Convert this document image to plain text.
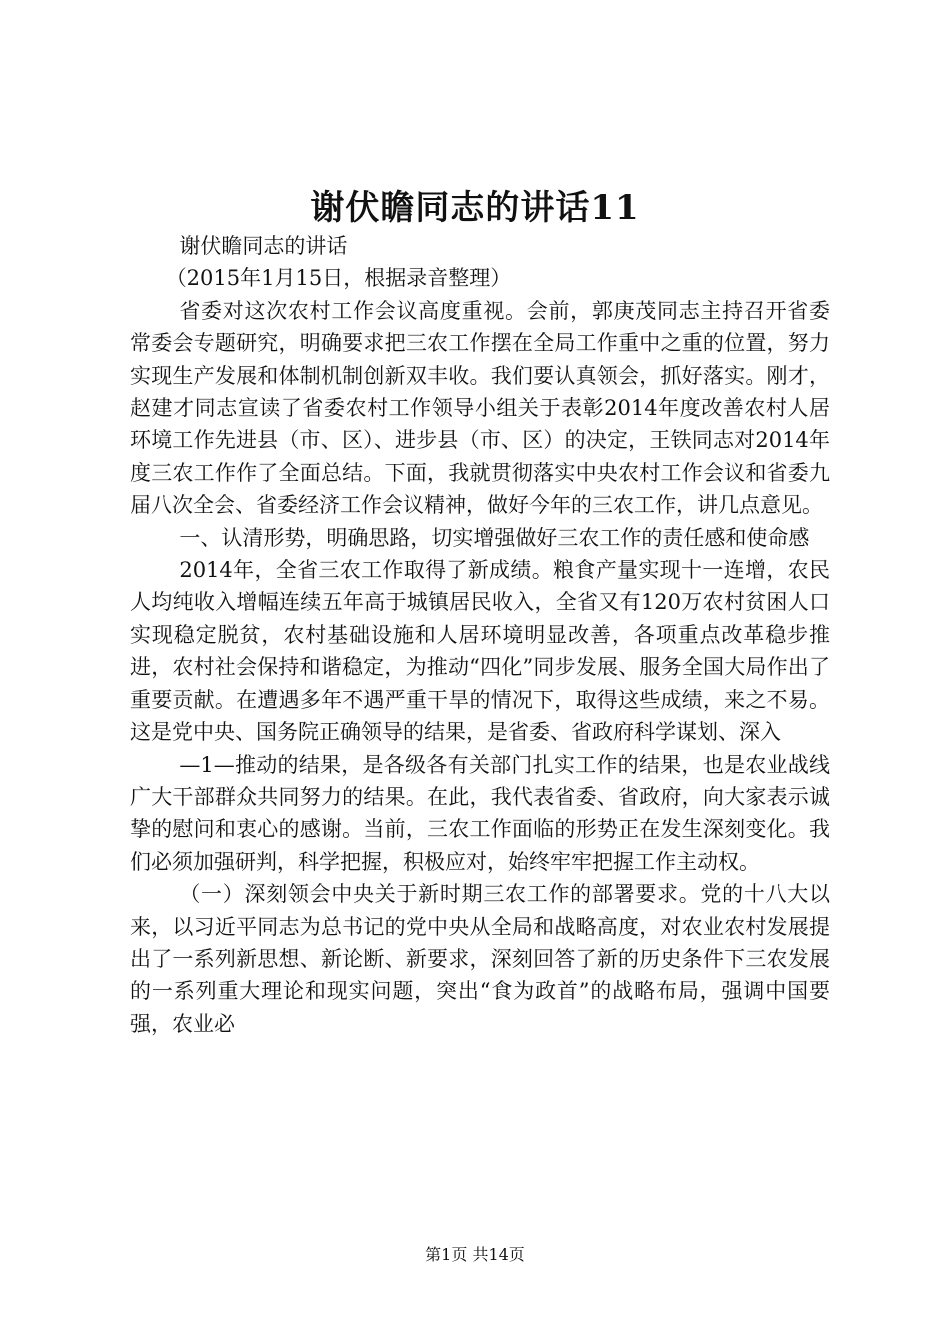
谢伏瞻同志的讲话11

谢伏瞻同志的讲话

（2015年1月15日，根据录音整理）

省委对这次农村工作会议高度重视。会前，郭庚茂同志主持召开省委常委会专题研究，明确要求把三农工作摆在全局工作重中之重的位置，努力实现生产发展和体制机制创新双丰收。我们要认真领会，抓好落实。刚才，赵建才同志宣读了省委农村工作领导小组关于表彰2014年度改善农村人居环境工作先进县（市、区）、进步县（市、区）的决定，王铁同志对2014年度三农工作作了全面总结。下面，我就贯彻落实中央农村工作会议和省委九届八次全会、省委经济工作会议精神，做好今年的三农工作，讲几点意见。

一、认清形势，明确思路，切实增强做好三农工作的责任感和使命感

2014年，全省三农工作取得了新成绩。粮食产量实现十一连增，农民人均纯收入增幅连续五年高于城镇居民收入，全省又有120万农村贫困人口实现稳定脱贫，农村基础设施和人居环境明显改善，各项重点改革稳步推进，农村社会保持和谐稳定，为推动“四化”同步发展、服务全国大局作出了重要贡献。在遭遇多年不遇严重干旱的情况下，取得这些成绩，来之不易。这是党中央、国务院正确领导的结果，是省委、省政府科学谋划、深入

—1—推动的结果，是各级各有关部门扎实工作的结果，也是农业战线广大干部群众共同努力的结果。在此，我代表省委、省政府，向大家表示诚挚的慰问和衷心的感谢。当前，三农工作面临的形势正在发生深刻变化。我们必须加强研判，科学把握，积极应对，始终牢牢把握工作主动权。

（一）深刻领会中央关于新时期三农工作的部署要求。党的十八大以来，以习近平同志为总书记的党中央从全局和战略高度，对农业农村发展提出了一系列新思想、新论断、新要求，深刻回答了新的历史条件下三农发展的一系列重大理论和现实问题，突出“食为政首”的战略布局，强调中国要强，农业必

第1页 共14页
